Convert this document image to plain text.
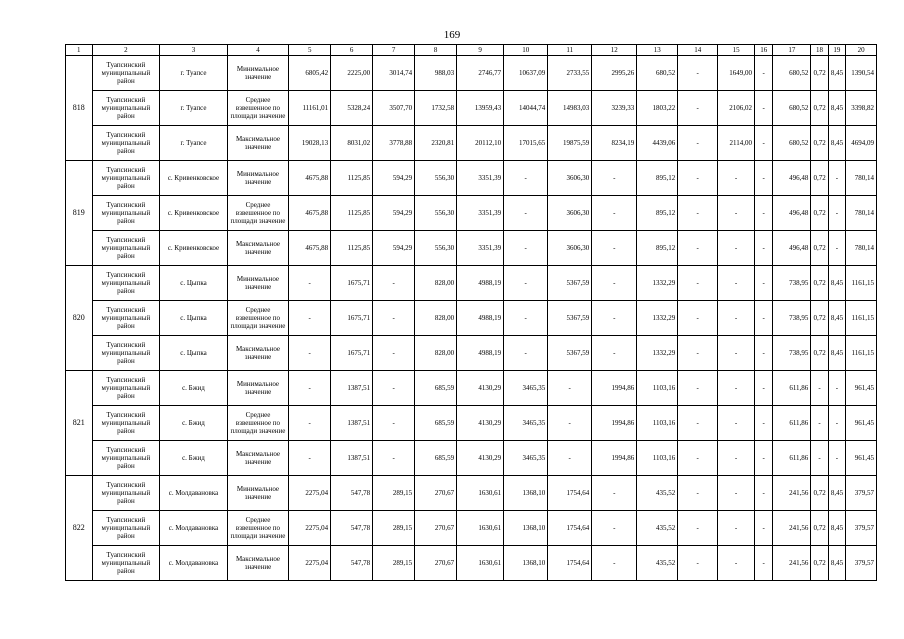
169
1	2	3	4	5	6	7	8	9	10	11	12	13	14	15	16	17	18	19	20
818	Туапсинский муниципальный район	г. Туапсе	Минимальное значение	6805,42	2225,00	3014,74	988,03	2746,77	10637,09	2733,55	2995,26	680,52	-	1649,00	-	680,52	0,72	8,45	1390,54
	Туапсинский муниципальный район	г. Туапсе	Среднее взвешенное по площади значение	11161,01	5328,24	3507,70	1732,58	13959,43	14044,74	14983,03	3239,33	1803,22	-	2106,02	-	680,52	0,72	8,45	3398,82
	Туапсинский муниципальный район	г. Туапсе	Максимальное значение	19028,13	8031,02	3778,88	2320,81	20112,10	17015,65	19875,59	8234,19	4439,06	-	2114,00	-	680,52	0,72	8,45	4694,09
819	Туапсинский муниципальный район	с. Кривенковское	Минимальное значение	4675,88	1125,85	594,29	556,30	3351,39	-	3606,30	-	895,12	-	-	-	496,48	0,72	-	780,14
	Туапсинский муниципальный район	с. Кривенковское	Среднее взвешенное по площади значение	4675,88	1125,85	594,29	556,30	3351,39	-	3606,30	-	895,12	-	-	-	496,48	0,72	-	780,14
	Туапсинский муниципальный район	с. Кривенковское	Максимальное значение	4675,88	1125,85	594,29	556,30	3351,39	-	3606,30	-	895,12	-	-	-	496,48	0,72	-	780,14
820	Туапсинский муниципальный район	с. Цыпка	Минимальное значение	-	1675,71	-	828,00	4988,19	-	5367,59	-	1332,29	-	-	-	738,95	0,72	8,45	1161,15
	Туапсинский муниципальный район	с. Цыпка	Среднее взвешенное по площади значение	-	1675,71	-	828,00	4988,19	-	5367,59	-	1332,29	-	-	-	738,95	0,72	8,45	1161,15
	Туапсинский муниципальный район	с. Цыпка	Максимальное значение	-	1675,71	-	828,00	4988,19	-	5367,59	-	1332,29	-	-	-	738,95	0,72	8,45	1161,15
821	Туапсинский муниципальный район	с. Бжид	Минимальное значение	-	1387,51	-	685,59	4130,29	3465,35	-	1994,86	1103,16	-	-	-	611,86	-	-	961,45
	Туапсинский муниципальный район	с. Бжид	Среднее взвешенное по площади значение	-	1387,51	-	685,59	4130,29	3465,35	-	1994,86	1103,16	-	-	-	611,86	-	-	961,45
	Туапсинский муниципальный район	с. Бжид	Максимальное значение	-	1387,51	-	685,59	4130,29	3465,35	-	1994,86	1103,16	-	-	-	611,86	-	-	961,45
822	Туапсинский муниципальный район	с. Молдавановка	Минимальное значение	2275,04	547,78	289,15	270,67	1630,61	1368,10	1754,64	-	435,52	-	-	-	241,56	0,72	8,45	379,57
	Туапсинский муниципальный район	с. Молдавановка	Среднее взвешенное по площади значение	2275,04	547,78	289,15	270,67	1630,61	1368,10	1754,64	-	435,52	-	-	-	241,56	0,72	8,45	379,57
	Туапсинский муниципальный район	с. Молдавановка	Максимальное значение	2275,04	547,78	289,15	270,67	1630,61	1368,10	1754,64	-	435,52	-	-	-	241,56	0,72	8,45	379,57
